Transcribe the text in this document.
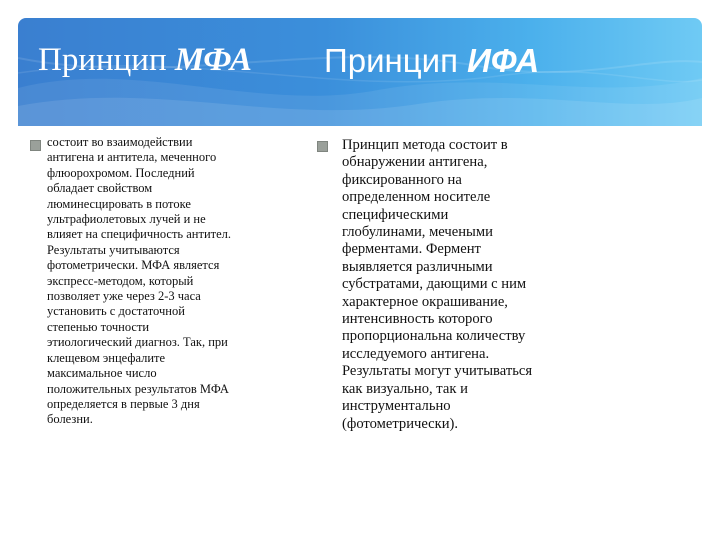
Принцип МФА Принцип ИФА
состоит во взаимодействии
антигена и антитела, меченного
флюорохромом. Последний
обладает свойством
люминесцировать в потоке
ультрафиолетовых лучей и не
влияет на специфичность антител.
Результаты учитываются
фотометрически. МФА является
экспресс-методом, который
позволяет уже через 2-3 часа
установить с достаточной
степенью точности
этиологический диагноз. Так, при
клещевом энцефалите
максимальное число
положительных результатов МФА
определяется в первые 3 дня
болезни.
Принцип метода состоит в
обнаружении антигена,
фиксированного на
определенном носителе
специфическими
глобулинами, мечеными
ферментами. Фермент
выявляется различными
субстратами, дающими с ним
характерное окрашивание,
интенсивность которого
пропорциональна количеству
исследуемого антигена.
Результаты могут учитываться
как визуально, так и
инструментально
(фотометрически).
